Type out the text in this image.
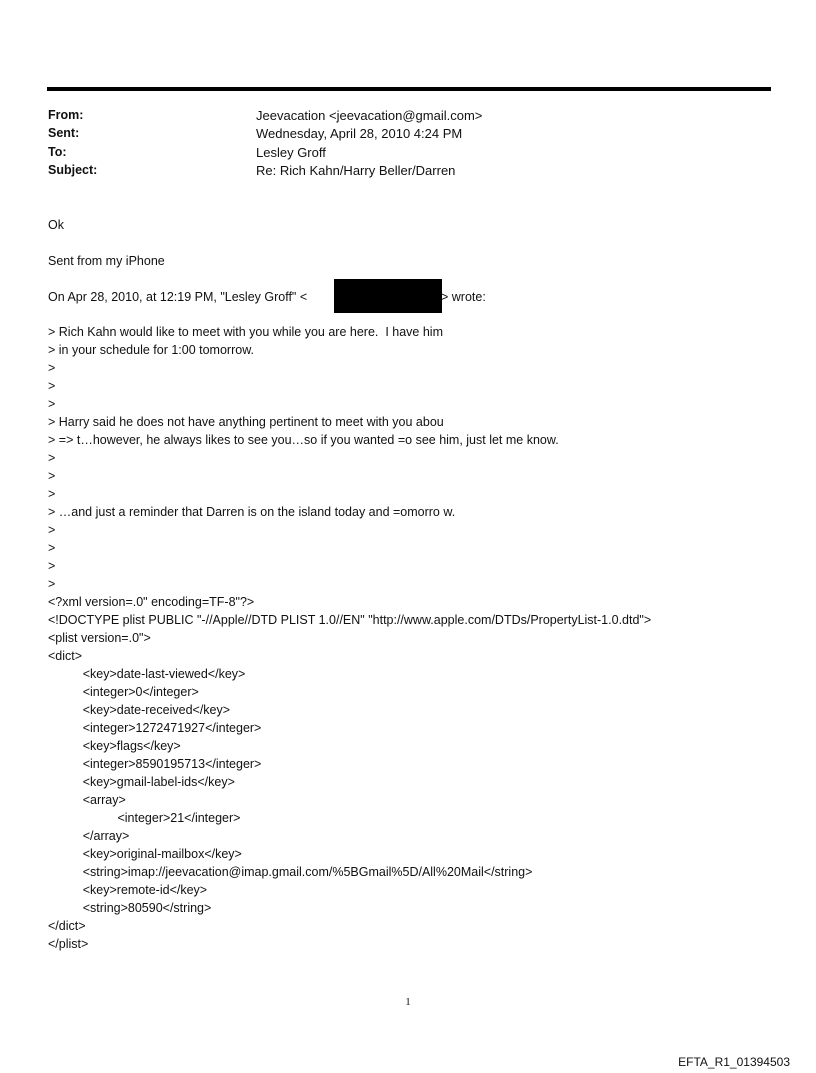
From:	Jeevacation <jeevacation@gmail.com>
Sent:	Wednesday, April 28, 2010 4:24 PM
To:	Lesley Groff
Subject:	Re: Rich Kahn/Harry Beller/Darren
Ok
Sent from my iPhone
On Apr 28, 2010, at 12:19 PM, "Lesley Groff" <	> wrote:
> Rich Kahn would like to meet with you while you are here.  I have him
> in your schedule for 1:00 tomorrow.
>
>
>
> Harry said he does not have anything pertinent to meet with you abou
> => t…however, he always likes to see you…so if you wanted =o see him, just let me know.
>
>
>
> …and just a reminder that Darren is on the island today and =omorro w.
>
>
>
>
<?xml version=.0" encoding=TF-8"?>
<!DOCTYPE plist PUBLIC "-//Apple//DTD PLIST 1.0//EN" "http://www.apple.com/DTDs/PropertyList-1.0.dtd">
<plist version=.0">
<dict>
<key>date-last-viewed</key>
<integer>0</integer>
<key>date-received</key>
<integer>1272471927</integer>
<key>flags</key>
<integer>8590195713</integer>
<key>gmail-label-ids</key>
<array>
<integer>21</integer>
</array>
<key>original-mailbox</key>
<string>imap://jeevacation@imap.gmail.com/%5BGmail%5D/All%20Mail</string>
<key>remote-id</key>
<string>80590</string>
</dict>
</plist>
1
EFTA_R1_01394503
